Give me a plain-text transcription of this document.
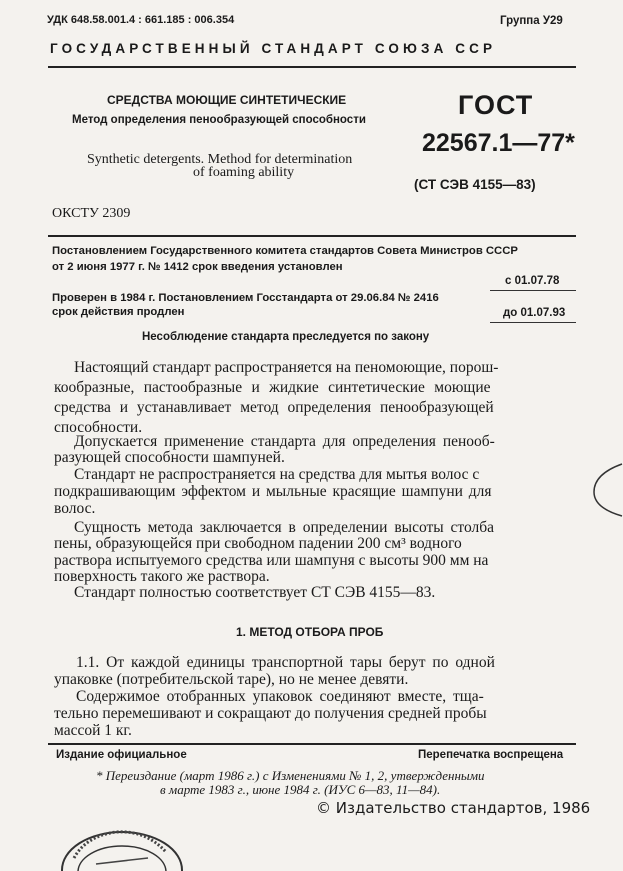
УДК 648.58.001.4 : 661.185 : 006.354	Группа У29
ГОСУДАРСТВЕННЫЙ СТАНДАРТ СОЮЗА ССР
СРЕДСТВА МОЮЩИЕ СИНТЕТИЧЕСКИЕ
Метод определения пенообразующей способности
Synthetic detergents. Method for determination
of foaming ability
ОКСТУ 2309
ГОСТ
22567.1—77*
(СТ СЭВ 4155—83)
Постановлением Государственного комитета стандартов Совета Министров СССР
от 2 июня 1977 г. № 1412 срок введения установлен
с 01.07.78
Проверен в 1984 г. Постановлением Госстандарта от 29.06.84 № 2416
срок действия продлен	до 01.07.93
Несоблюдение стандарта преследуется по закону
Настоящий стандарт распространяется на пеномоющие, порош-
кообразные, пастообразные и жидкие синтетические моющие
средства и устанавливает метод определения пенообразующей
способности.
Допускается применение стандарта для определения пенооб-
разующей способности шампуней.
Стандарт не распространяется на средства для мытья волос с
подкрашивающим эффектом и мыльные красящие шампуни для
волос.
Сущность метода заключается в определении высоты столба
пены, образующейся при свободном падении 200 см³ водного
раствора испытуемого средства или шампуня с высоты 900 мм на
поверхность такого же раствора.
Стандарт полностью соответствует СТ СЭВ 4155—83.
1. МЕТОД ОТБОРА ПРОБ
1.1. От каждой единицы транспортной тары берут по одной
упаковке (потребительской таре), но не менее девяти.
Содержимое отобранных упаковок соединяют вместе, тща-
тельно перемешивают и сокращают до получения средней пробы
массой 1 кг.
Издание официальное	Перепечатка воспрещена
* Переиздание (март 1986 г.) с Изменениями № 1, 2, утвержденными
в марте 1983 г., июне 1984 г. (ИУС 6—83, 11—84).
© Издательство стандартов, 1986
